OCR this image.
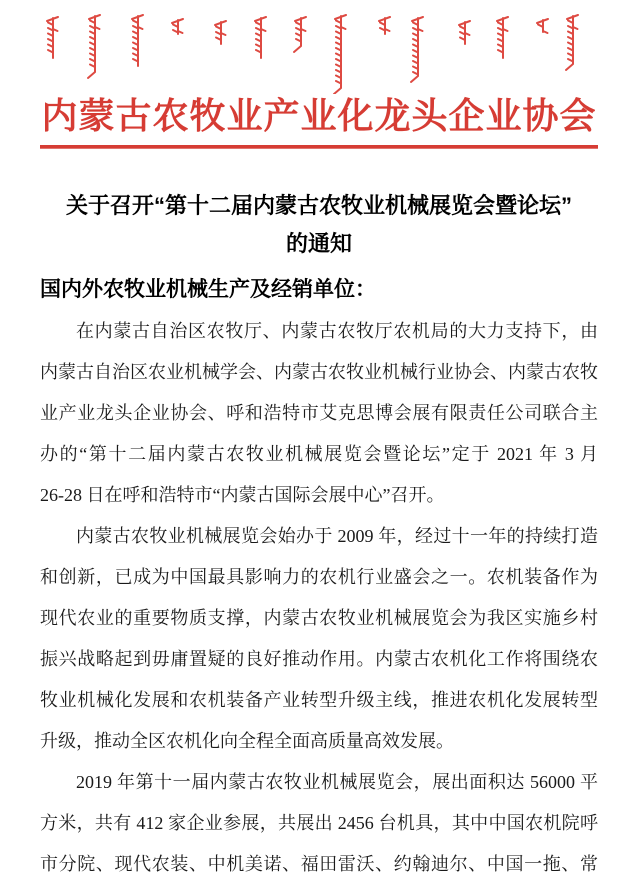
内蒙古农牧业产业化龙头企业协会
关于召开“第十二届内蒙古农牧业机械展览会暨论坛”
的通知
国内外农牧业机械生产及经销单位：
在内蒙古自治区农牧厅、内蒙古农牧厅农机局的大力支持下，由
内蒙古自治区农业机械学会、内蒙古农牧业机械行业协会、内蒙古农牧
业产业龙头企业协会、呼和浩特市艾克思博会展有限责任公司联合主
办的“第十二届内蒙古农牧业机械展览会暨论坛”定于 2021 年 3 月
26-28 日在呼和浩特市“内蒙古国际会展中心”召开。
内蒙古农牧业机械展览会始办于 2009 年，经过十一年的持续打造
和创新，已成为中国最具影响力的农机行业盛会之一。农机装备作为
现代农业的重要物质支撑，内蒙古农牧业机械展览会为我区实施乡村
振兴战略起到毋庸置疑的良好推动作用。内蒙古农机化工作将围绕农
牧业机械化发展和农机装备产业转型升级主线，推进农机化发展转型
升级，推动全区农机化向全程全面高质量高效发展。
2019 年第十一届内蒙古农牧业机械展览会，展出面积达 56000 平
方米，共有 412 家企业参展，共展出 2456 台机具，其中中国农机院呼
市分院、现代农装、中机美诺、福田雷沃、约翰迪尔、中国一拖、常
